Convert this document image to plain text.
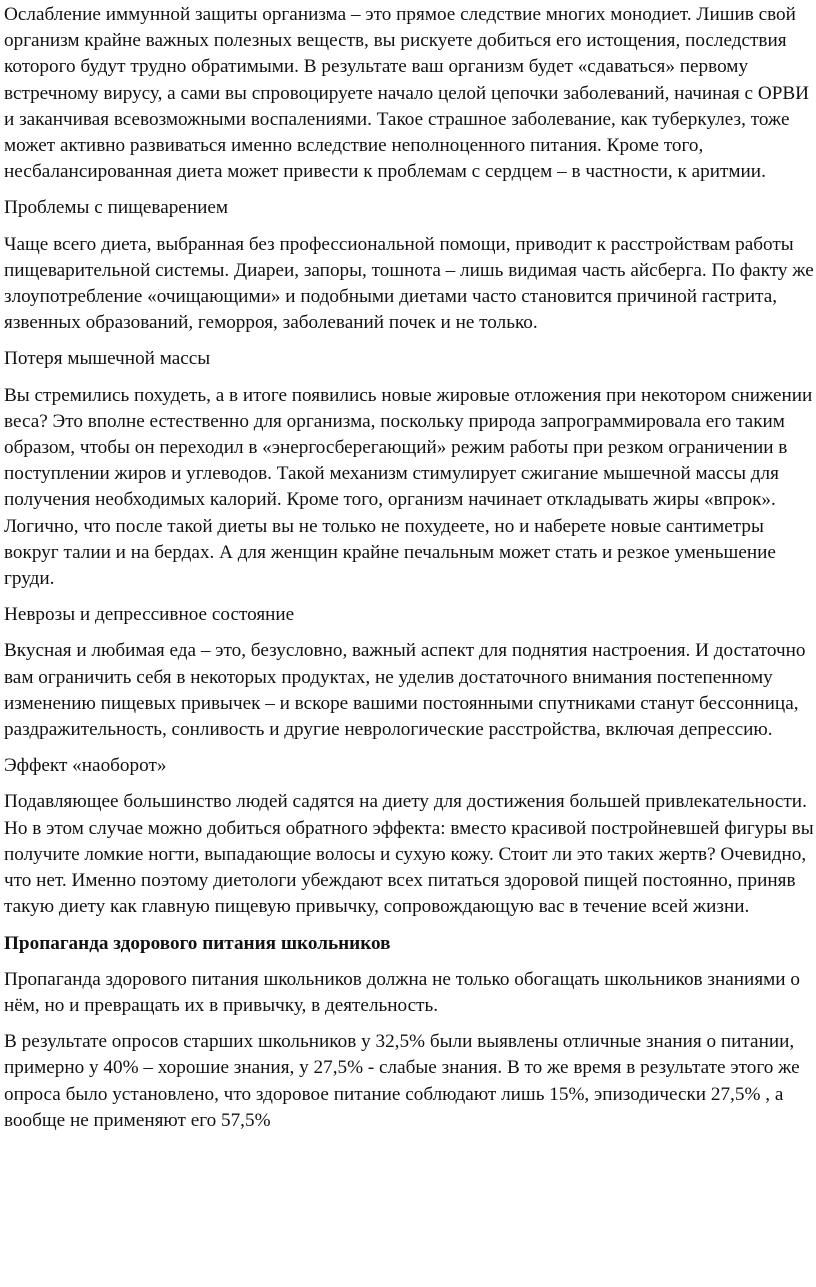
Ослабление иммунной защиты организма – это прямое следствие многих монодиет. Лишив свой организм крайне важных полезных веществ, вы рискуете добиться его истощения, последствия которого будут трудно обратимыми. В результате ваш организм будет «сдаваться» первому встречному вирусу, а сами вы спровоцируете начало целой цепочки заболеваний, начиная с ОРВИ и заканчивая всевозможными воспалениями. Такое страшное заболевание, как туберкулез, тоже может активно развиваться именно вследствие неполноценного питания. Кроме того, несбалансированная диета может привести к проблемам с сердцем – в частности, к аритмии.

Проблемы с пищеварением

Чаще всего диета, выбранная без профессиональной помощи, приводит к расстройствам работы пищеварительной системы. Диареи, запоры, тошнота – лишь видимая часть айсберга. По факту же злоупотребление «очищающими» и подобными диетами часто становится причиной гастрита, язвенных образований, геморроя, заболеваний почек и не только.

Потеря мышечной массы

Вы стремились похудеть, а в итоге появились новые жировые отложения при некотором снижении веса? Это вполне естественно для организма, поскольку природа запрограммировала его таким образом, чтобы он переходил в «энергосберегающий» режим работы при резком ограничении в поступлении жиров и углеводов. Такой механизм стимулирует сжигание мышечной массы для получения необходимых калорий. Кроме того, организм начинает откладывать жиры «впрок». Логично, что после такой диеты вы не только не похудеете, но и наберете новые сантиметры вокруг талии и на бердах. А для женщин крайне печальным может стать и резкое уменьшение груди.

Неврозы и депрессивное состояние

Вкусная и любимая еда – это, безусловно, важный аспект для поднятия настроения. И достаточно вам ограничить себя в некоторых продуктах, не уделив достаточного внимания постепенному изменению пищевых привычек – и вскоре вашими постоянными спутниками станут бессонница, раздражительность, сонливость и другие неврологические расстройства, включая депрессию.

Эффект «наоборот»

Подавляющее большинство людей садятся на диету для достижения большей привлекательности. Но в этом случае можно добиться обратного эффекта: вместо красивой постройневшей фигуры вы получите ломкие ногти, выпадающие волосы и сухую кожу. Стоит ли это таких жертв? Очевидно, что нет. Именно поэтому диетологи убеждают всех питаться здоровой пищей постоянно, приняв такую диету как главную пищевую привычку, сопровождающую вас в течение всей жизни.

Пропаганда здорового питания школьников

Пропаганда здорового питания школьников должна не только обогащать школьников знаниями о нём, но и превращать их в привычку, в деятельность.

В результате опросов старших школьников у 32,5% были выявлены отличные знания о питании, примерно у 40% – хорошие знания, у 27,5% - слабые знания. В то же время в результате этого же опроса было установлено, что здоровое питание соблюдают лишь 15%, эпизодически 27,5% , а вообще не применяют его 57,5%
